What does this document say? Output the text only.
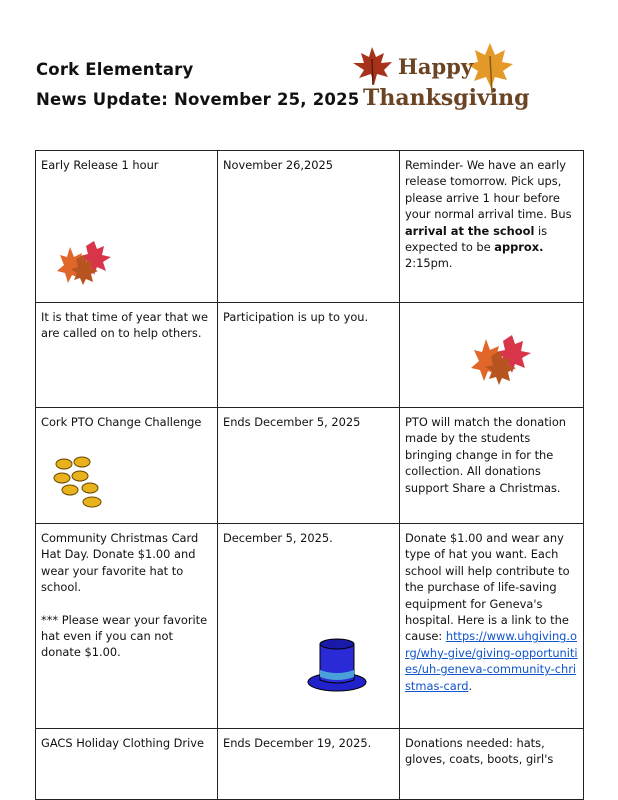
Cork Elementary
News Update: November 25, 2025
Happy
Thanksgiving
Early Release 1 hour	November 26,2025	Reminder- We have an early release tomorrow. Pick ups, please arrive 1 hour before your normal arrival time. Bus arrival at the school is expected to be approx. 2:15pm.

It is that time of year that we are called on to help others.	Participation is up to you.

Cork PTO Change Challenge	Ends December 5, 2025	PTO will match the donation made by the students bringing change in for the collection. All donations support Share a Christmas.

Community Christmas Card Hat Day. Donate $1.00 and wear your favorite hat to school.
*** Please wear your favorite hat even if you can not donate $1.00.	December 5, 2025.	Donate $1.00 and wear any type of hat you want. Each school will help contribute to the purchase of life-saving equipment for Geneva's hospital. Here is a link to the cause: https://www.uhgiving.org/why-give/giving-opportunities/uh-geneva-community-christmas-card.

GACS Holiday Clothing Drive	Ends December 19, 2025.	Donations needed: hats, gloves, coats, boots, girl's
